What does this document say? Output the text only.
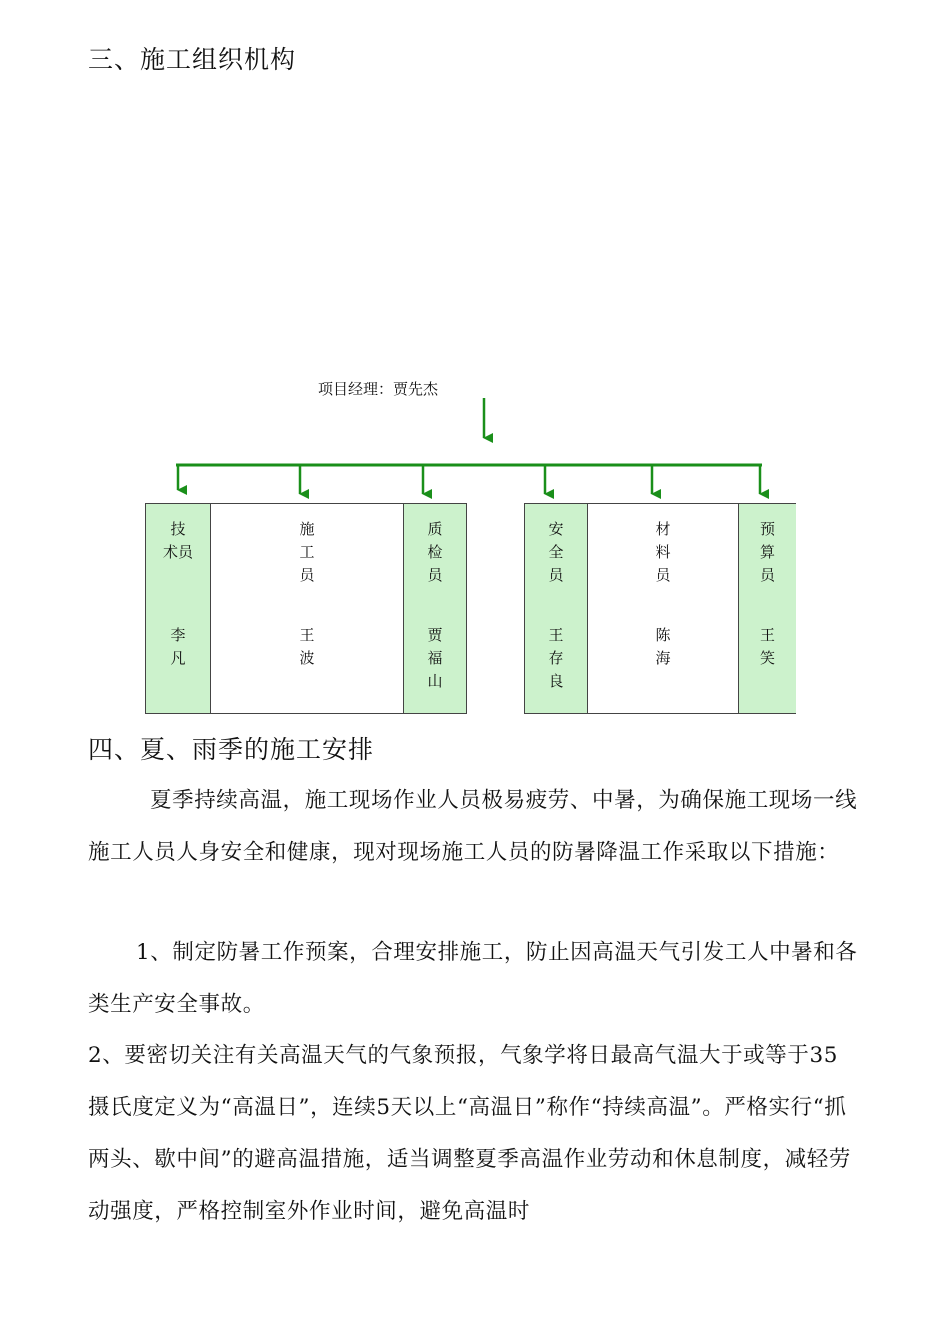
三、施工组织机构
项目经理：贾先杰
技
术员
李
凡
施
工
员
王
波
质
检
员
贾
福
山
安
全
员
王
存
良
材
料
员
陈
海
预
算
员
王
笑
四、夏、雨季的施工安排
夏季持续高温，施工现场作业人员极易疲劳、中暑，为确保施工现场一线施工人员人身安全和健康，现对现场施工人员的防暑降温工作采取以下措施：
1、制定防暑工作预案，合理安排施工，防止因高温天气引发工人中暑和各类生产安全事故。
2、要密切关注有关高温天气的气象预报，气象学将日最高气温大于或等于35摄氏度定义为“高温日”，连续5天以上“高温日”称作“持续高温”。严格实行“抓两头、歇中间”的避高温措施，适当调整夏季高温作业劳动和休息制度，减轻劳动强度，严格控制室外作业时间，避免高温时
